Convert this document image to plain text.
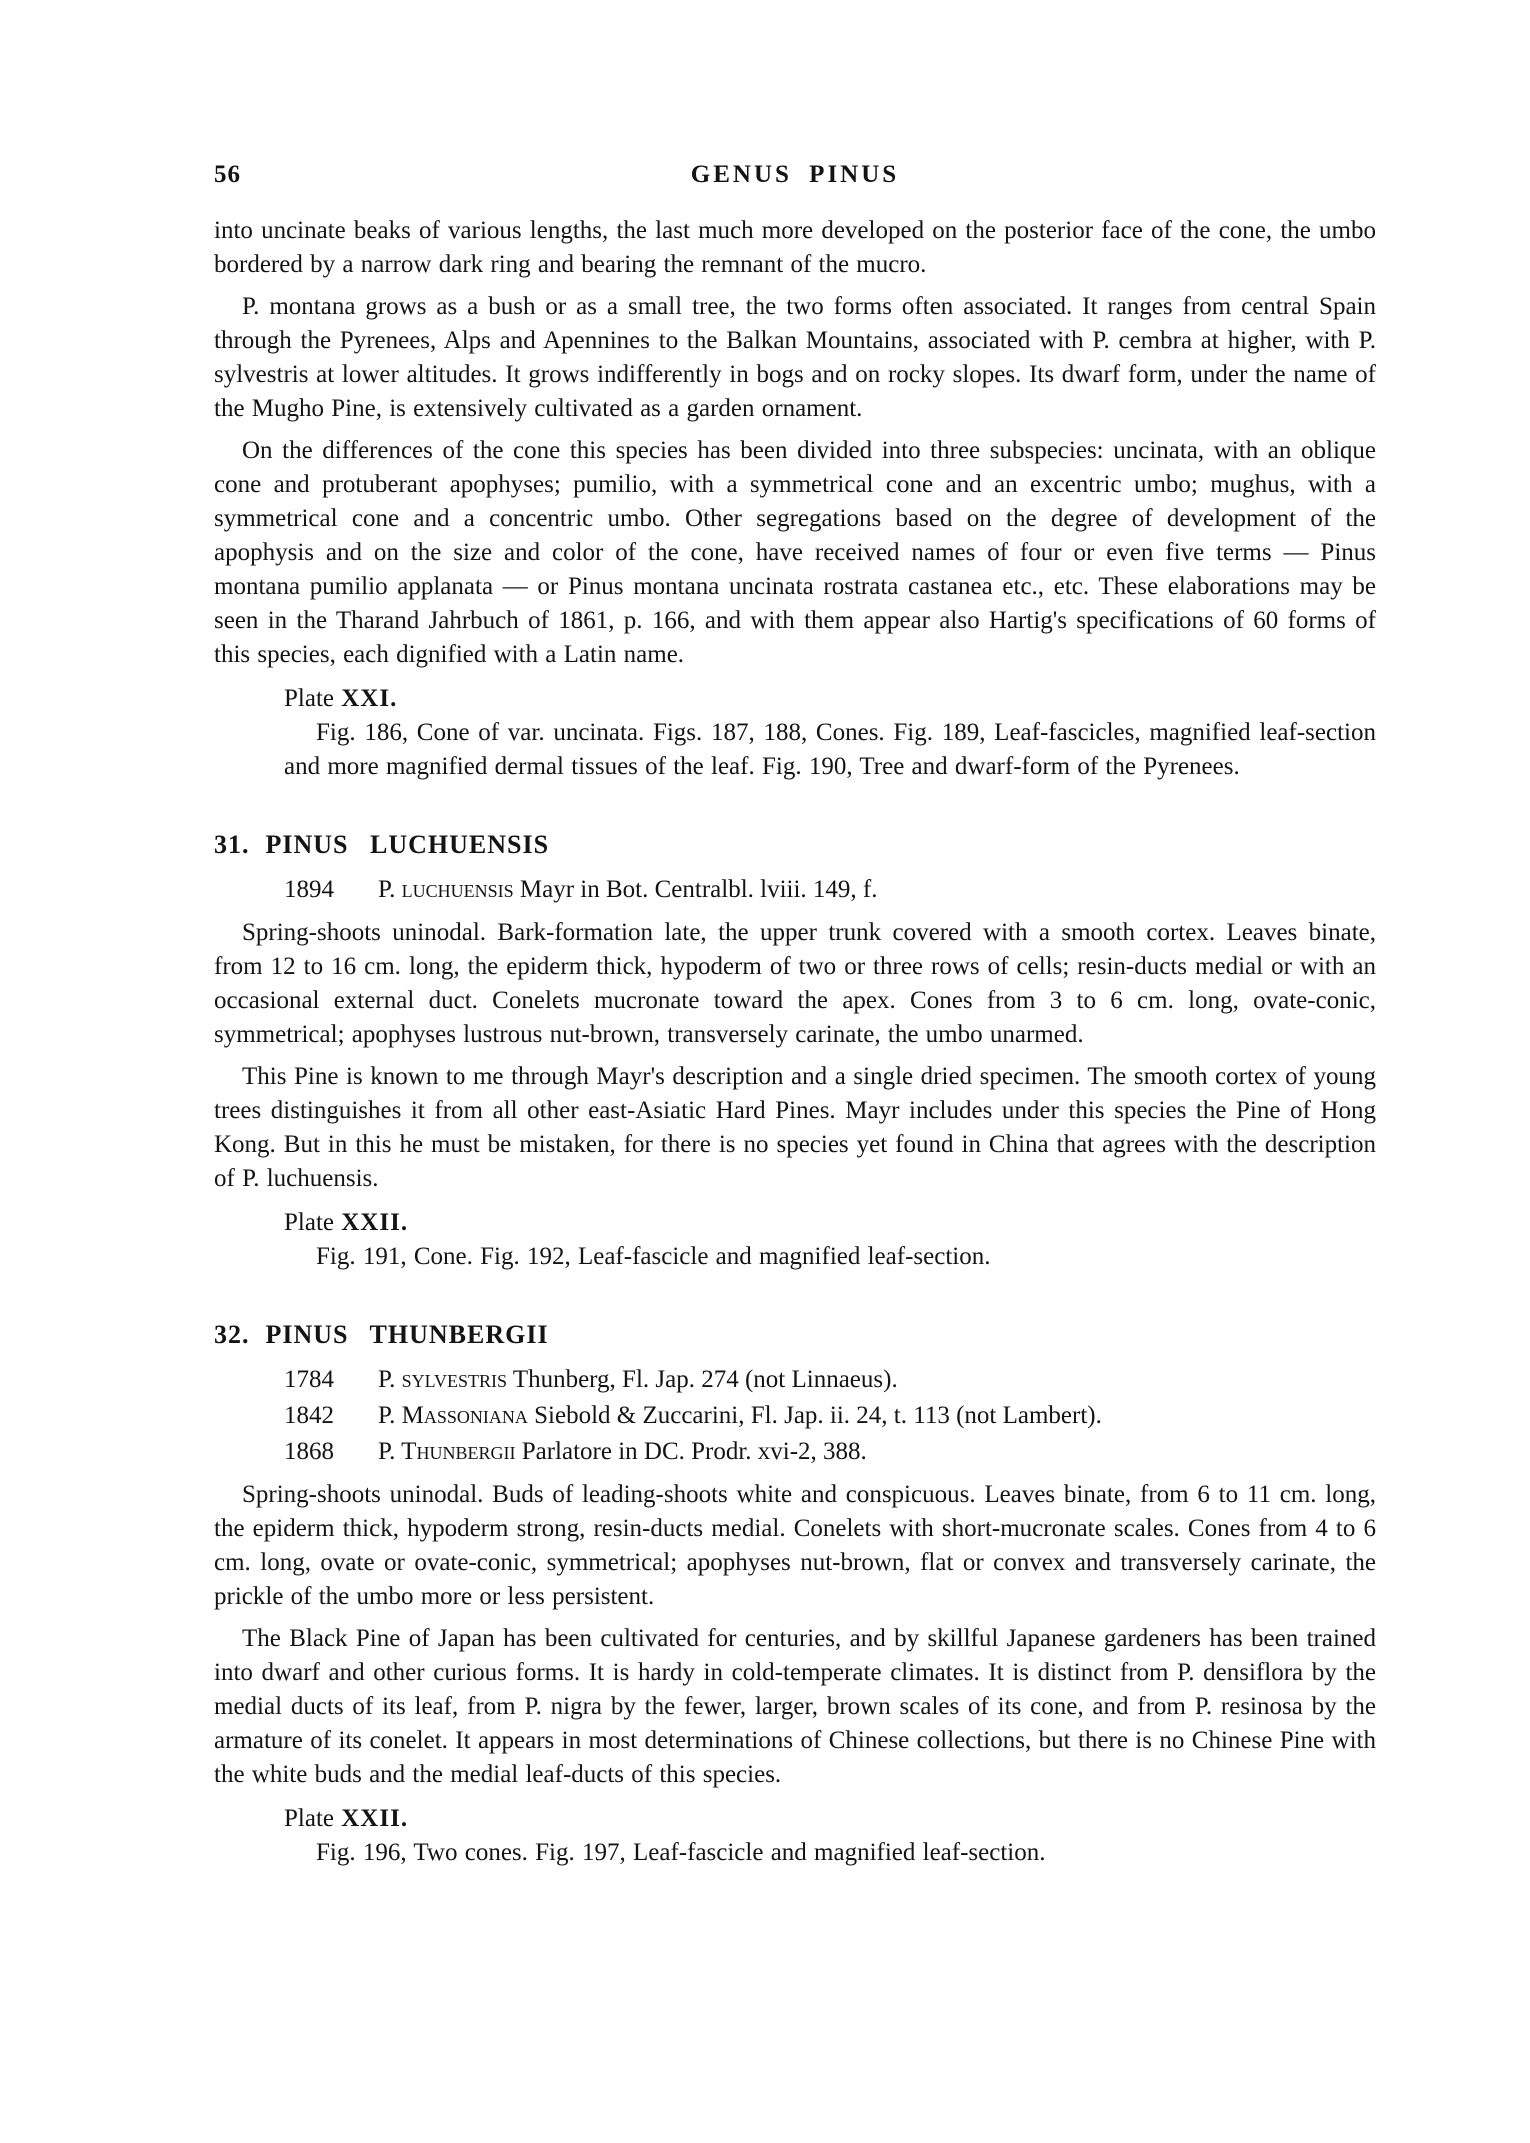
56	GENUS PINUS

into uncinate beaks of various lengths, the last much more developed on the posterior face of the cone, the umbo bordered by a narrow dark ring and bearing the remnant of the mucro.

P. montana grows as a bush or as a small tree, the two forms often associated. It ranges from central Spain through the Pyrenees, Alps and Apennines to the Balkan Mountains, associated with P. cembra at higher, with P. sylvestris at lower altitudes. It grows indifferently in bogs and on rocky slopes. Its dwarf form, under the name of the Mugho Pine, is extensively cultivated as a garden ornament.

On the differences of the cone this species has been divided into three subspecies: uncinata, with an oblique cone and protuberant apophyses; pumilio, with a symmetrical cone and an excentric umbo; mughus, with a symmetrical cone and a concentric umbo. Other segregations based on the degree of development of the apophysis and on the size and color of the cone, have received names of four or even five terms — Pinus montana pumilio applanata — or Pinus montana uncinata rostrata castanea etc., etc. These elaborations may be seen in the Tharand Jahrbuch of 1861, p. 166, and with them appear also Hartig's specifications of 60 forms of this species, each dignified with a Latin name.

Plate XXI.

Fig. 186, Cone of var. uncinata. Figs. 187, 188, Cones. Fig. 189, Leaf-fascicles, magnified leaf-section and more magnified dermal tissues of the leaf. Fig. 190, Tree and dwarf-form of the Pyrenees.

31. PINUS LUCHUENSIS
1894 P. luchuensis Mayr in Bot. Centralbl. lviii. 149, f.

Spring-shoots uninodal. Bark-formation late, the upper trunk covered with a smooth cortex. Leaves binate, from 12 to 16 cm. long, the epiderm thick, hypoderm of two or three rows of cells; resin-ducts medial or with an occasional external duct. Conelets mucronate toward the apex. Cones from 3 to 6 cm. long, ovate-conic, symmetrical; apophyses lustrous nut-brown, transversely carinate, the umbo unarmed.

This Pine is known to me through Mayr's description and a single dried specimen. The smooth cortex of young trees distinguishes it from all other east-Asiatic Hard Pines. Mayr includes under this species the Pine of Hong Kong. But in this he must be mistaken, for there is no species yet found in China that agrees with the description of P. luchuensis.

Plate XXII.

Fig. 191, Cone. Fig. 192, Leaf-fascicle and magnified leaf-section.

32. PINUS THUNBERGII
1784 P. sylvestris Thunberg, Fl. Jap. 274 (not Linnaeus).
1842 P. Massoniana Siebold & Zuccarini, Fl. Jap. ii. 24, t. 113 (not Lambert).
1868 P. Thunbergii Parlatore in DC. Prodr. xvi-2, 388.

Spring-shoots uninodal. Buds of leading-shoots white and conspicuous. Leaves binate, from 6 to 11 cm. long, the epiderm thick, hypoderm strong, resin-ducts medial. Conelets with short-mucronate scales. Cones from 4 to 6 cm. long, ovate or ovate-conic, symmetrical; apophyses nut-brown, flat or convex and transversely carinate, the prickle of the umbo more or less persistent.

The Black Pine of Japan has been cultivated for centuries, and by skillful Japanese gardeners has been trained into dwarf and other curious forms. It is hardy in cold-temperate climates. It is distinct from P. densiflora by the medial ducts of its leaf, from P. nigra by the fewer, larger, brown scales of its cone, and from P. resinosa by the armature of its conelet. It appears in most determinations of Chinese collections, but there is no Chinese Pine with the white buds and the medial leaf-ducts of this species.

Plate XXII.

Fig. 196, Two cones. Fig. 197, Leaf-fascicle and magnified leaf-section.
